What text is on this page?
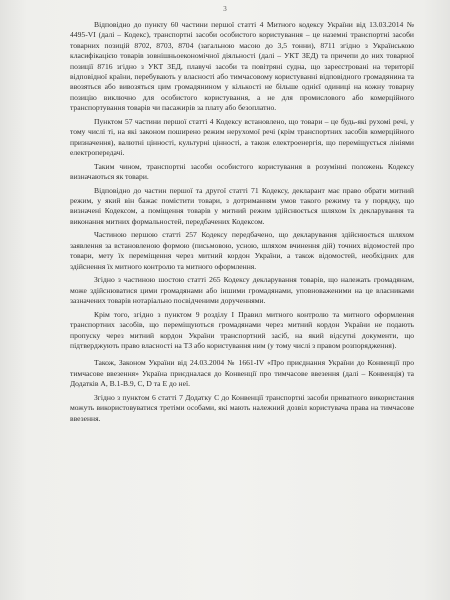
3

Відповідно до пункту 60 частини першої статті 4 Митного кодексу України від 13.03.2014 № 4495-VI (далі – Кодекс), транспортні засоби особистого користування – це наземні транспортні засоби товарних позицій 8702, 8703, 8704 (загальною масою до 3,5 тонни), 8711 згідно з Українською класифікацією товарів зовнішньоекономічної діяльності (далі – УКТ ЗЕД) та причепи до них товарної позиції 8716 згідно з УКТ ЗЕД, плавучі засоби та повітряні судна, що зареєстровані на території відповідної країни, перебувають у власності або тимчасовому користуванні відповідного громадянина та ввозяться або вивозяться цим громадянином у кількості не більше однієї одиниці на кожну товарну позицію виключно для особистого користування, а не для промислового або комерційного транспортування товарів чи пасажирів за плату або безоплатно.

Пунктом 57 частини першої статті 4 Кодексу встановлено, що товари – це будь-які рухомі речі, у тому числі ті, на які законом поширено режим нерухомої речі (крім транспортних засобів комерційного призначення), валютні цінності, культурні цінності, а також електроенергія, що переміщується лініями електропередачі.

Таким чином, транспортні засоби особистого користування в розумінні положень Кодексу визначаються як товари.

Відповідно до частин першої та другої статті 71 Кодексу, декларант має право обрати митний режим, у який він бажає помістити товари, з дотриманням умов такого режиму та у порядку, що визначені Кодексом, а поміщення товарів у митний режим здійснюється шляхом їх декларування та виконання митних формальностей, передбачених Кодексом.

Частиною першою статті 257 Кодексу передбачено, що декларування здійснюється шляхом заявлення за встановленою формою (письмовою, усною, шляхом вчинення дій) точних відомостей про товари, мету їх переміщення через митний кордон України, а також відомостей, необхідних для здійснення їх митного контролю та митного оформлення.

Згідно з частиною шостою статті 265 Кодексу декларування товарів, що належать громадянам, може здійснюватися цими громадянами або іншими громадянами, уповноваженими на це власниками зазначених товарів нотаріально посвідченими дорученнями.

Крім того, згідно з пунктом 9 розділу І Правил митного контролю та митного оформлення транспортних засобів, що переміщуються громадянами через митний кордон України не подають пропуску через митний кордон України транспортний засіб, на який відсутні документи, що підтверджують право власності на ТЗ або користування ним (у тому числі з правом розпорядження).

Також, Законом України від 24.03.2004 № 1661-IV «Про приєднання України до Конвенції про тимчасове ввезення» Україна приєдналася до Конвенції про тимчасове ввезення (далі – Конвенція) та Додатків А, В.1-В.9, С, D та Е до неї.

Згідно з пунктом 6 статті 7 Додатку С до Конвенції транспортні засоби приватного використання можуть використовуватися третіми особами, які мають належний дозвіл користувача права на тимчасове ввезення.
